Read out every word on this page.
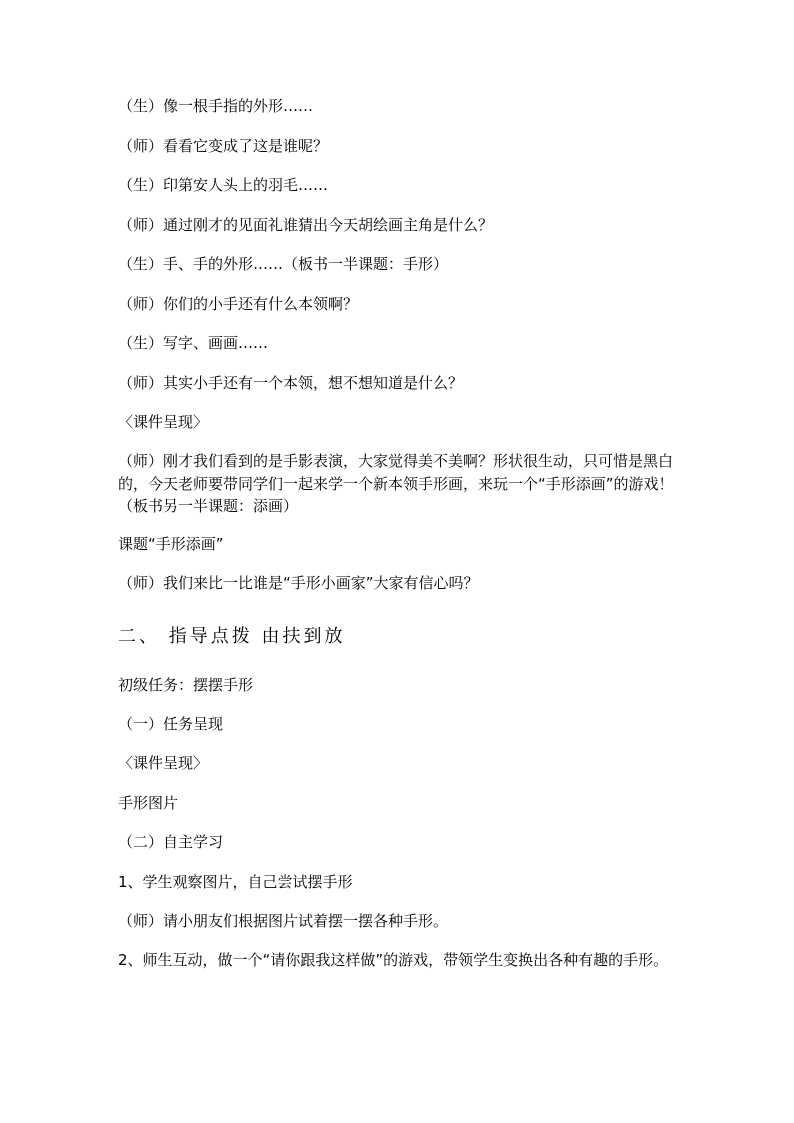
（生）像一根手指的外形……
（师）看看它变成了这是谁呢？
（生）印第安人头上的羽毛……
（师）通过刚才的见面礼谁猜出今天胡绘画主角是什么？
（生）手、手的外形……（板书一半课题：手形）
（师）你们的小手还有什么本领啊？
（生）写字、画画……
（师）其实小手还有一个本领，想不想知道是什么？
〈课件呈现〉
（师）刚才我们看到的是手影表演，大家觉得美不美啊？形状很生动，只可惜是黑白的，今天老师要带同学们一起来学一个新本领手形画，来玩一个“手形添画”的游戏！（板书另一半课题：添画）
课题“手形添画”
（师）我们来比一比谁是“手形小画家”大家有信心吗？
二、 指导点拨 由扶到放
初级任务：摆摆手形
（一）任务呈现
〈课件呈现〉
手形图片
（二）自主学习
1、学生观察图片，自己尝试摆手形
（师）请小朋友们根据图片试着摆一摆各种手形。
2、师生互动，做一个“请你跟我这样做”的游戏，带领学生变换出各种有趣的手形。
